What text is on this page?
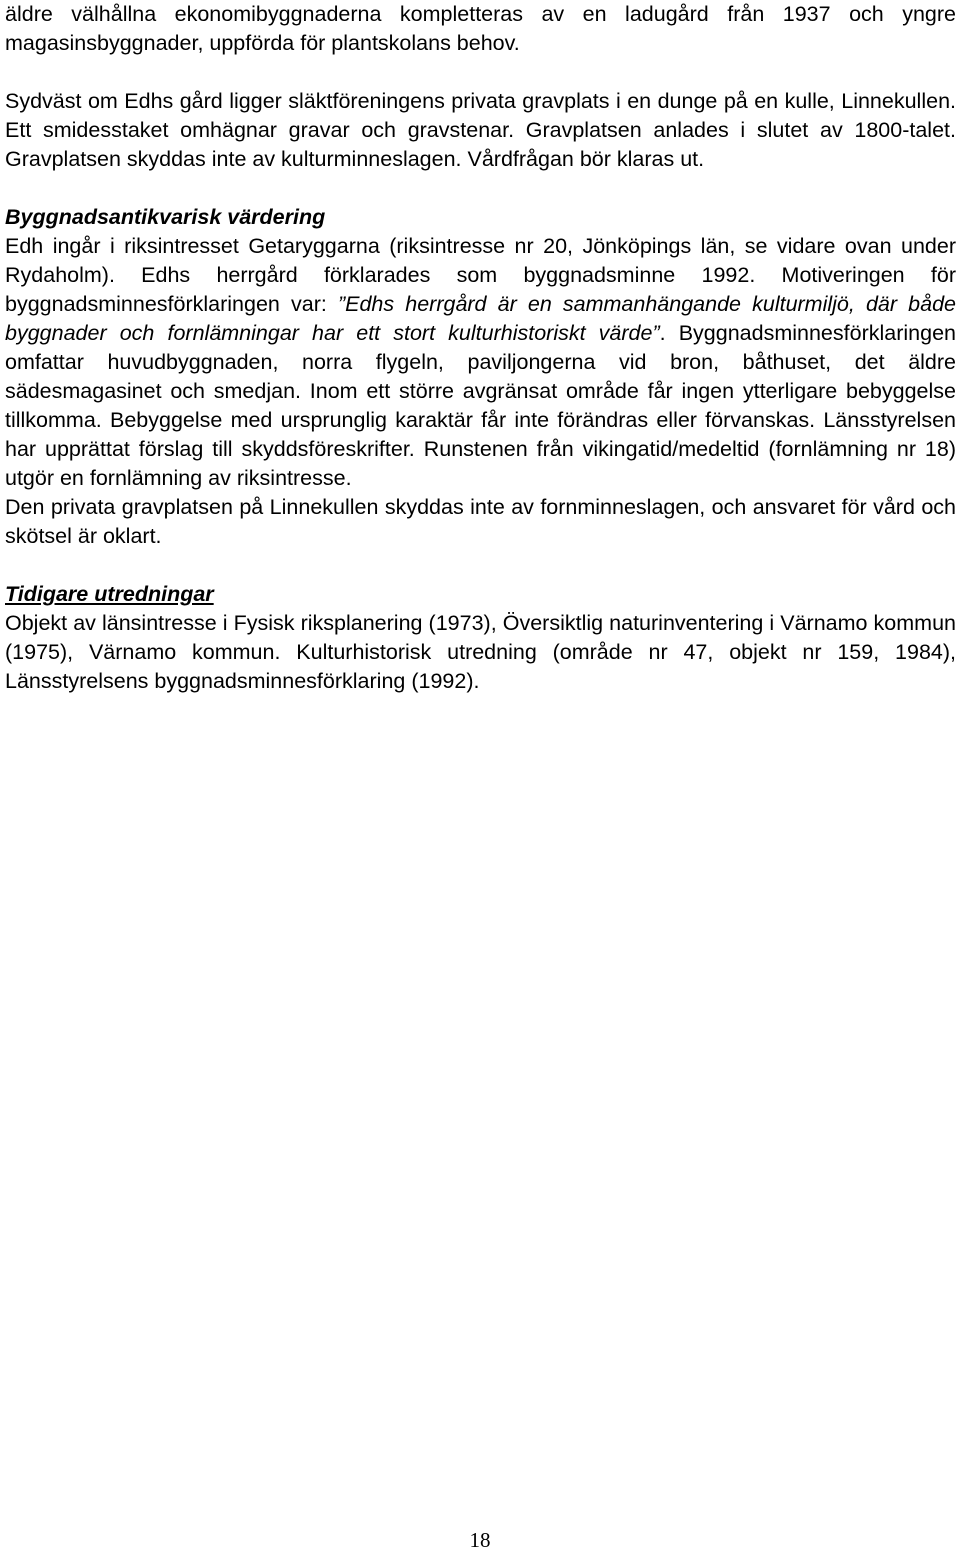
äldre välhållna ekonomibyggnaderna kompletteras av en ladugård från 1937 och yngre magasinsbyggnader, uppförda för plantskolans behov.

Sydväst om Edhs gård ligger släktföreningens privata gravplats i en dunge på en kulle, Linnekullen. Ett smidesstaket omhägnar gravar och gravstenar. Gravplatsen anlades i slutet av 1800-talet. Gravplatsen skyddas inte av kulturminneslagen. Vårdfrågan bör klaras ut.

Byggnadsantikvarisk värdering

Edh ingår i riksintresset Getaryggarna (riksintresse nr 20, Jönköpings län, se vidare ovan under Rydaholm). Edhs herrgård förklarades som byggnadsminne 1992. Motiveringen för byggnadsminnesförklaringen var: ”Edhs herrgård är en sammanhängande kulturmiljö, där både byggnader och fornlämningar har ett stort kulturhistoriskt värde”. Byggnadsminnesförklaringen omfattar huvudbyggnaden, norra flygeln, paviljongerna vid bron, båthuset, det äldre sädesmagasinet och smedjan. Inom ett större avgränsat område får ingen ytterligare bebyggelse tillkomma. Bebyggelse med ursprunglig karaktär får inte förändras eller förvanskas. Länsstyrelsen har upprättat förslag till skyddsföreskrifter. Runstenen från vikingatid/medeltid (fornlämning nr 18) utgör en fornlämning av riksintresse.

Den privata gravplatsen på Linnekullen skyddas inte av fornminneslagen, och ansvaret för vård och skötsel är oklart.

Tidigare utredningar

Objekt av länsintresse i Fysisk riksplanering (1973), Översiktlig naturinventering i Värnamo kommun (1975), Värnamo kommun. Kulturhistorisk utredning (område nr 47, objekt nr 159, 1984), Länsstyrelsens byggnadsminnesförklaring (1992).

18
